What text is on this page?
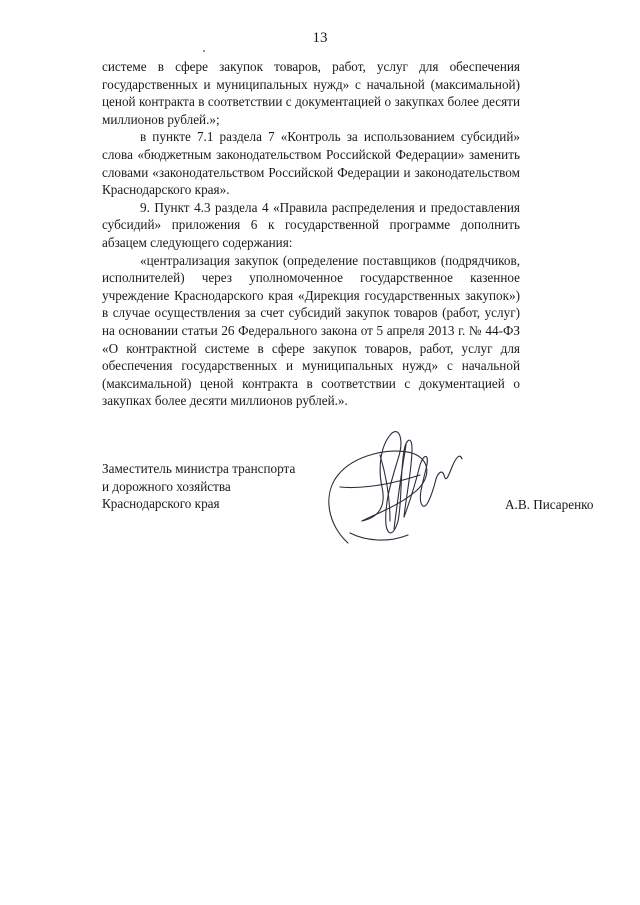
13

системе в сфере закупок товаров, работ, услуг для обеспечения государственных и муниципальных нужд» с начальной (максимальной) ценой контракта в соответствии с документацией о закупках более десяти миллионов рублей.»;

в пункте 7.1 раздела 7 «Контроль за использованием субсидий» слова «бюджетным законодательством Российской Федерации» заменить словами «законодательством Российской Федерации и законодательством Краснодарского края».

9. Пункт 4.3 раздела 4 «Правила распределения и предоставления субсидий» приложения 6 к государственной программе дополнить абзацем следующего содержания:

«централизация закупок (определение поставщиков (подрядчиков, исполнителей) через уполномоченное государственное казенное учреждение Краснодарского края «Дирекция государственных закупок») в случае осуществления за счет субсидий закупок товаров (работ, услуг) на основании статьи 26 Федерального закона от 5 апреля 2013 г. № 44-ФЗ «О контрактной системе в сфере закупок товаров, работ, услуг для обеспечения государственных и муниципальных нужд» с начальной (максимальной) ценой контракта в соответствии с документацией о закупках более десяти миллионов рублей.».

Заместитель министра транспорта
и дорожного хозяйства
Краснодарского края	А.В. Писаренко
